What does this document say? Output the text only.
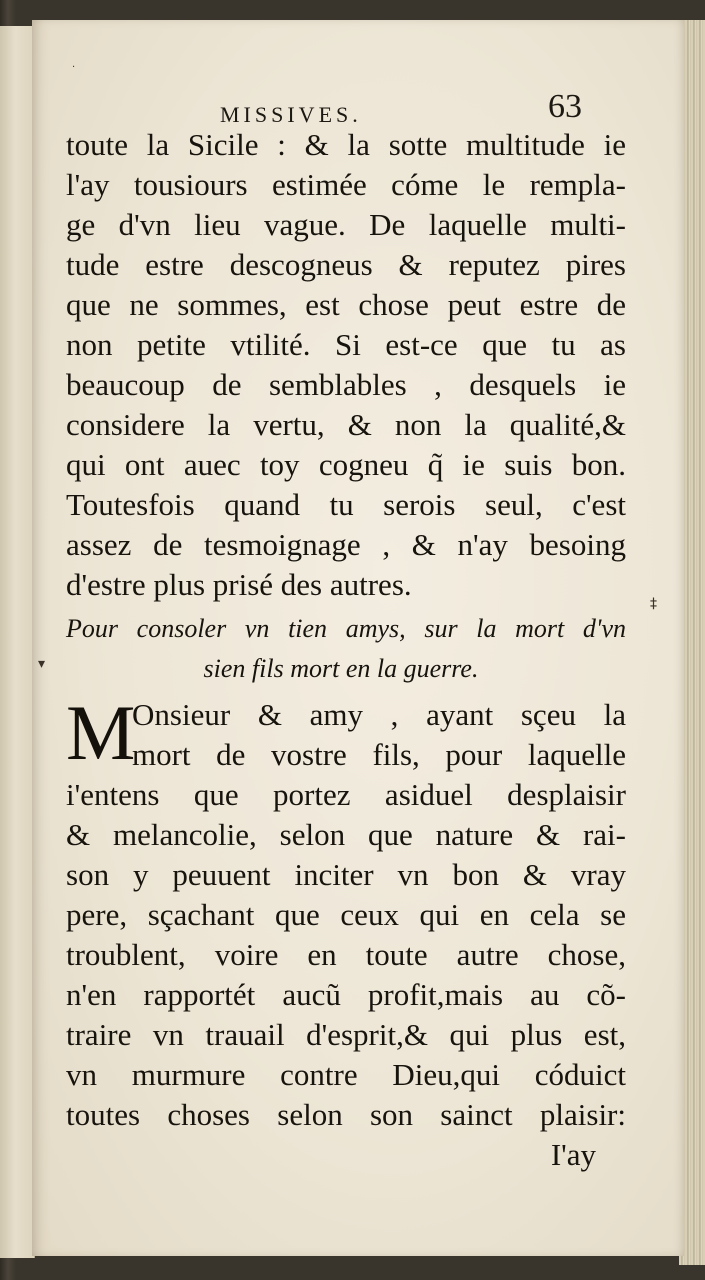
MISSIVES.	63
toute la Sicile : & la sotte multitude ie
l'ay tousiours estimée cóme le rempla-
ge d'vn lieu vague. De laquelle multi-
tude estre descogneus & reputez pires
que ne sommes, est chose peut estre de
non petite vtilité. Si est-ce que tu as
beaucoup de semblables , desquels ie
considere la vertu, & non la qualité,&
qui ont auec toy cogneu q̃ ie suis bon.
Toutesfois quand tu serois seul, c'est
assez de tesmoignage , & n'ay besoing
d'estre plus prisé des autres.
Pour consoler vn tien amys, sur la mort d'vn
sien fils mort en la guerre.
M
Onsieur & amy , ayant sçeu la
mort de vostre fils, pour laquelle
i'entens que portez asiduel desplaisir
& melancolie, selon que nature & rai-
son y peuuent inciter vn bon & vray
pere, sçachant que ceux qui en cela se
troublent, voire en toute autre chose,
n'en rapportét aucũ profit,mais au cõ-
traire vn trauail d'esprit,& qui plus est,
vn murmure contre Dieu,qui códuict
toutes choses selon son sainct plaisir:
I'ay
·
▾
‡
